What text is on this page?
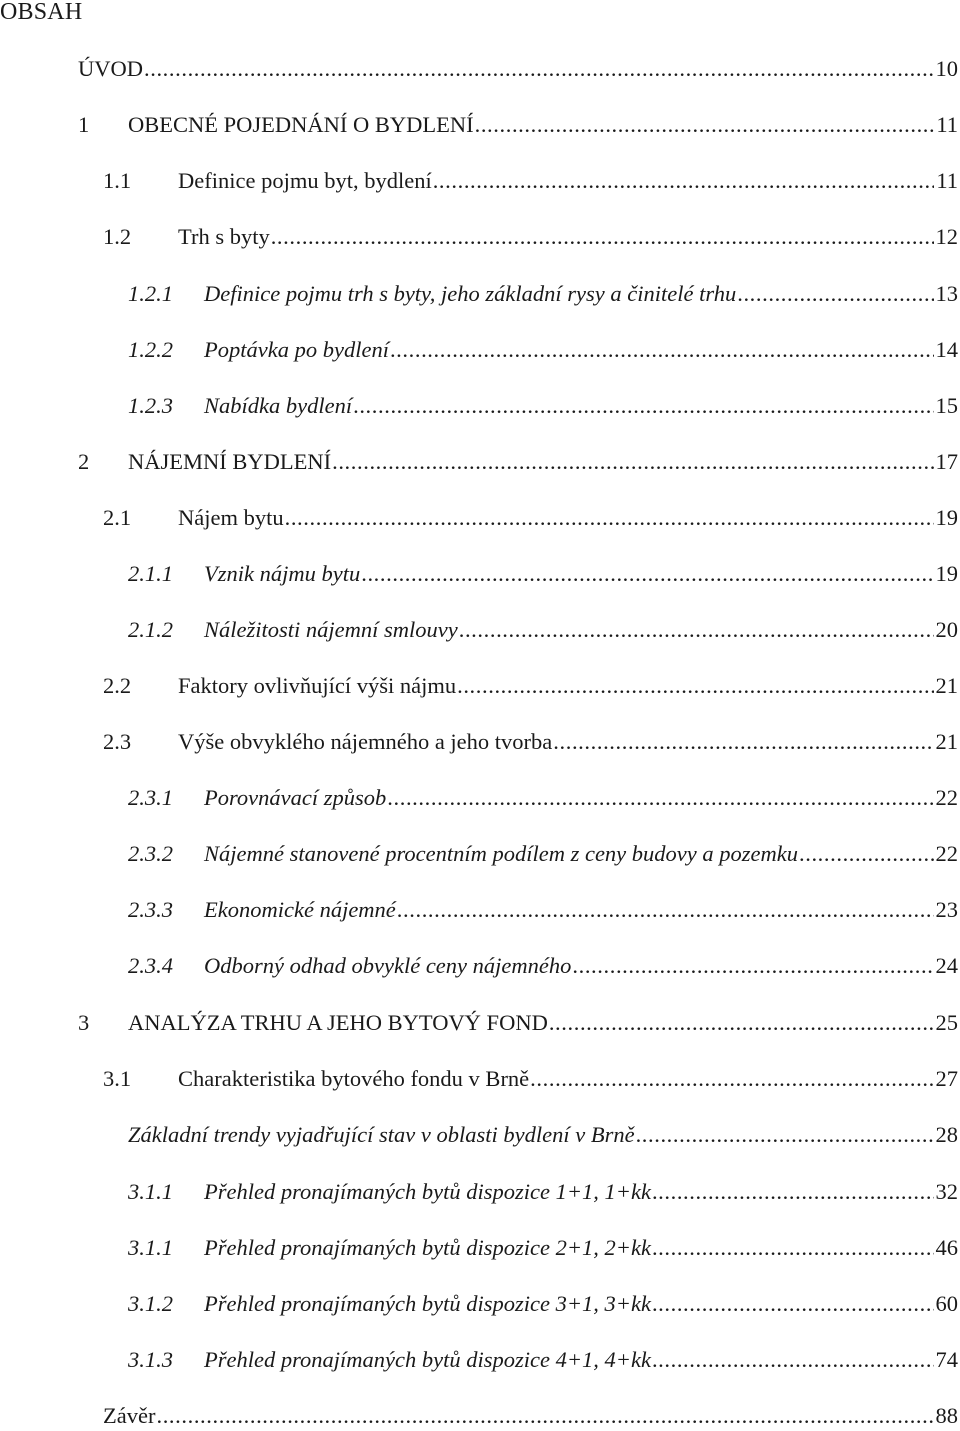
OBSAH
ÚVOD .....	10
1	OBECNÉ POJEDNÁNÍ O BYDLENÍ .....	11
1.1	Definice pojmu byt, bydlení .....	11
1.2	Trh s byty .....	12
1.2.1	Definice pojmu trh s byty, jeho základní rysy a činitelé trhu .....	13
1.2.2	Poptávka po bydlení .....	14
1.2.3	Nabídka bydlení .....	15
2	NÁJEMNÍ BYDLENÍ .....	17
2.1	Nájem bytu .....	19
2.1.1	Vznik nájmu bytu .....	19
2.1.2	Náležitosti nájemní smlouvy .....	20
2.2	Faktory ovlivňující výši nájmu .....	21
2.3	Výše obvyklého nájemného a jeho tvorba .....	21
2.3.1	Porovnávací způsob .....	22
2.3.2	Nájemné stanovené procentním podílem z ceny budovy a pozemku .....	22
2.3.3	Ekonomické nájemné .....	23
2.3.4	Odborný odhad obvyklé ceny nájemného .....	24
3	ANALÝZA TRHU A JEHO BYTOVÝ FOND .....	25
3.1	Charakteristika bytového fondu v Brně .....	27
Základní trendy vyjadřující stav v oblasti bydlení v Brně .....	28
3.1.1	Přehled pronajímaných bytů dispozice 1+1, 1+kk .....	32
3.1.1	Přehled pronajímaných bytů dispozice 2+1, 2+kk .....	46
3.1.2	Přehled pronajímaných bytů dispozice 3+1, 3+kk .....	60
3.1.3	Přehled pronajímaných bytů dispozice 4+1, 4+kk .....	74
Závěr .....	88
